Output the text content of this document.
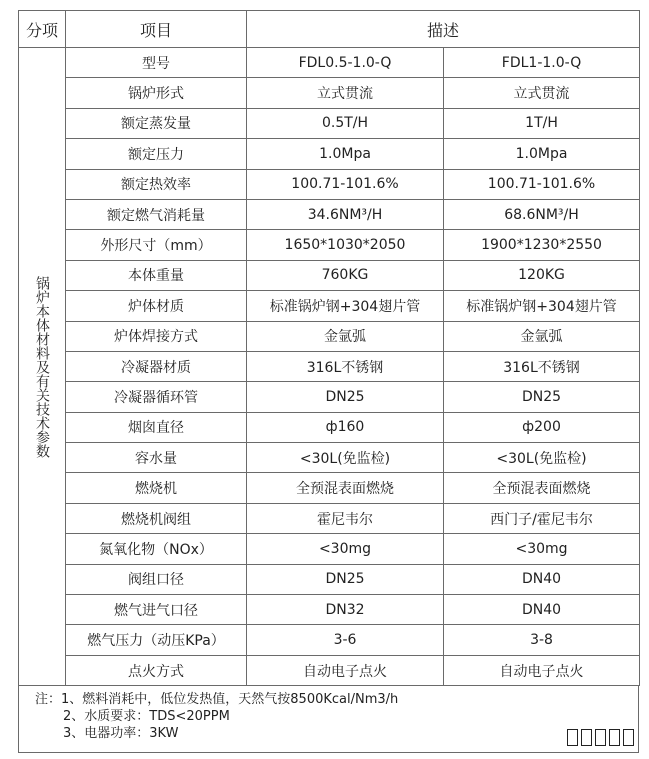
分项	项目	描述	
锅炉本体材料及有关技术参数	型号	FDL0.5-1.0-Q	FDL1-1.0-Q
	锅炉形式	立式贯流	立式贯流
	额定蒸发量	0.5T/H	1T/H
	额定压力	1.0Mpa	1.0Mpa
	额定热效率	100.71-101.6%	100.71-101.6%
	额定燃气消耗量	34.6NM³/H	68.6NM³/H
	外形尺寸（mm）	1650*1030*2050	1900*1230*2550
	本体重量	760KG	120KG
	炉体材质	标准锅炉钢+304翅片管	标准锅炉钢+304翅片管
	炉体焊接方式	金氩弧	金氩弧
	冷凝器材质	316L不锈钢	316L不锈钢
	冷凝器循环管	DN25	DN25
	烟囱直径	ф160	ф200
	容水量	<30L(免监检)	<30L(免监检)
	燃烧机	全预混表面燃烧	全预混表面燃烧
	燃烧机阀组	霍尼韦尔	西门子/霍尼韦尔
	氮氧化物（NOx）	<30mg	<30mg
	阀组口径	DN25	DN40
	燃气进气口径	DN32	DN40
	燃气压力（动压KPa）	3-6	3-8
	点火方式	自动电子点火	自动电子点火
注：1、燃料消耗中，低位发热值，天然气按8500Kcal/Nm3/h
2、水质要求：TDS<20PPM
3、电器功率：3KW
